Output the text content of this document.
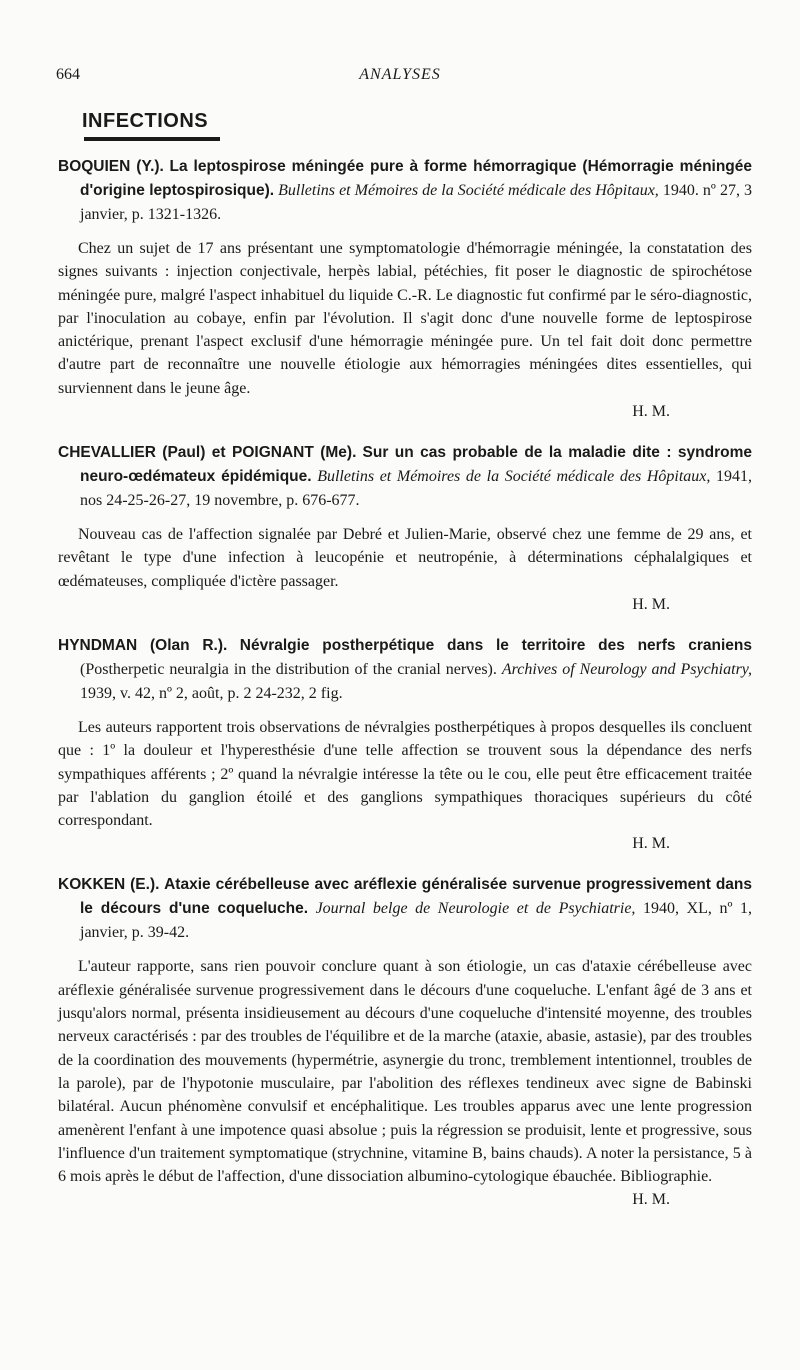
664	ANALYSES
INFECTIONS
BOQUIEN (Y.). La leptospirose méningée pure à forme hémorragique (Hémorragie méningée d'origine leptospirosique). Bulletins et Mémoires de la Société médicale des Hôpitaux, 1940. nº 27, 3 janvier, p. 1321-1326.
Chez un sujet de 17 ans présentant une symptomatologie d'hémorragie méningée, la constatation des signes suivants : injection conjectivale, herpès labial, pétéchies, fit poser le diagnostic de spirochétose méningée pure, malgré l'aspect inhabituel du liquide C.-R. Le diagnostic fut confirmé par le séro-diagnostic, par l'inoculation au cobaye, enfin par l'évolution. Il s'agit donc d'une nouvelle forme de leptospirose anictérique, prenant l'aspect exclusif d'une hémorragie méningée pure. Un tel fait doit donc permettre d'autre part de reconnaître une nouvelle étiologie aux hémorragies méningées dites essentielles, qui surviennent dans le jeune âge.
H. M.
CHEVALLIER (Paul) et POIGNANT (Me). Sur un cas probable de la maladie dite : syndrome neuro-œdémateux épidémique. Bulletins et Mémoires de la Société médicale des Hôpitaux, 1941, nos 24-25-26-27, 19 novembre, p. 676-677.
Nouveau cas de l'affection signalée par Debré et Julien-Marie, observé chez une femme de 29 ans, et revêtant le type d'une infection à leucopénie et neutropénie, à déterminations céphalalgiques et œdémateuses, compliquée d'ictère passager.
H. M.
HYNDMAN (Olan R.). Névralgie postherpétique dans le territoire des nerfs craniens (Postherpetic neuralgia in the distribution of the cranial nerves). Archives of Neurology and Psychiatry, 1939, v. 42, nº 2, août, p. 2 24-232, 2 fig.
Les auteurs rapportent trois observations de névralgies postherpétiques à propos desquelles ils concluent que : 1º la douleur et l'hyperesthésie d'une telle affection se trouvent sous la dépendance des nerfs sympathiques afférents ; 2º quand la névralgie intéresse la tête ou le cou, elle peut être efficacement traitée par l'ablation du ganglion étoilé et des ganglions sympathiques thoraciques supérieurs du côté correspondant.
H. M.
KOKKEN (E.). Ataxie cérébelleuse avec aréflexie généralisée survenue progressivement dans le décours d'une coqueluche. Journal belge de Neurologie et de Psychiatrie, 1940, XL, nº 1, janvier, p. 39-42.
L'auteur rapporte, sans rien pouvoir conclure quant à son étiologie, un cas d'ataxie cérébelleuse avec aréflexie généralisée survenue progressivement dans le décours d'une coqueluche. L'enfant âgé de 3 ans et jusqu'alors normal, présenta insidieusement au décours d'une coqueluche d'intensité moyenne, des troubles nerveux caractérisés : par des troubles de l'équilibre et de la marche (ataxie, abasie, astasie), par des troubles de la coordination des mouvements (hypermétrie, asynergie du tronc, tremblement intentionnel, troubles de la parole), par de l'hypotonie musculaire, par l'abolition des réflexes tendineux avec signe de Babinski bilatéral. Aucun phénomène convulsif et encéphalitique. Les troubles apparus avec une lente progression amenèrent l'enfant à une impotence quasi absolue ; puis la régression se produisit, lente et progressive, sous l'influence d'un traitement symptomatique (strychnine, vitamine B, bains chauds). A noter la persistance, 5 à 6 mois après le début de l'affection, d'une dissociation albumino-cytologique ébauchée. Bibliographie.
H. M.
